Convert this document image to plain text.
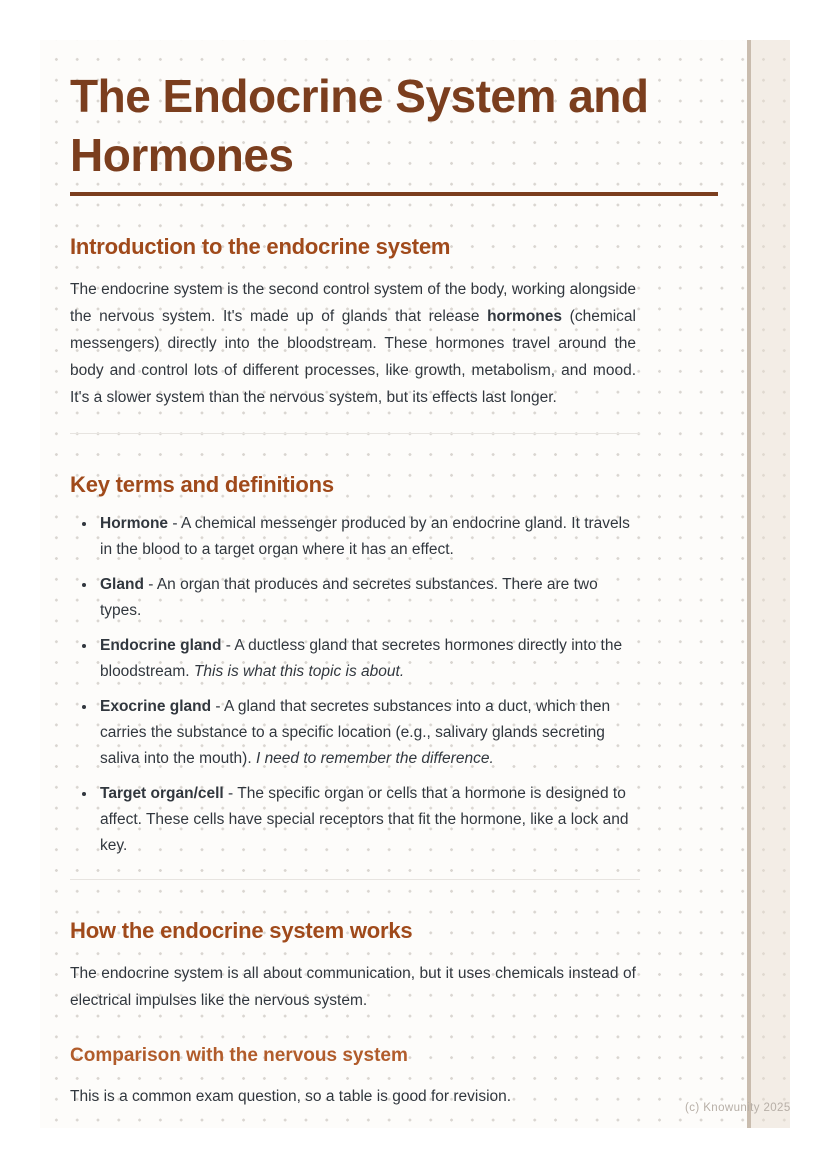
The Endocrine System and Hormones
Introduction to the endocrine system

The endocrine system is the second control system of the body, working alongside the nervous system. It's made up of glands that release hormones (chemical messengers) directly into the bloodstream. These hormones travel around the body and control lots of different processes, like growth, metabolism, and mood. It's a slower system than the nervous system, but its effects last longer.

Key terms and definitions
• Hormone - A chemical messenger produced by an endocrine gland. It travels in the blood to a target organ where it has an effect.
• Gland - An organ that produces and secretes substances. There are two types.
• Endocrine gland - A ductless gland that secretes hormones directly into the bloodstream. This is what this topic is about.
• Exocrine gland - A gland that secretes substances into a duct, which then carries the substance to a specific location (e.g., salivary glands secreting saliva into the mouth). I need to remember the difference.
• Target organ/cell - The specific organ or cells that a hormone is designed to affect. These cells have special receptors that fit the hormone, like a lock and key.
How the endocrine system works

The endocrine system is all about communication, but it uses chemicals instead of electrical impulses like the nervous system.

Comparison with the nervous system

This is a common exam question, so a table is good for revision.

(c) Knowunity 2025
